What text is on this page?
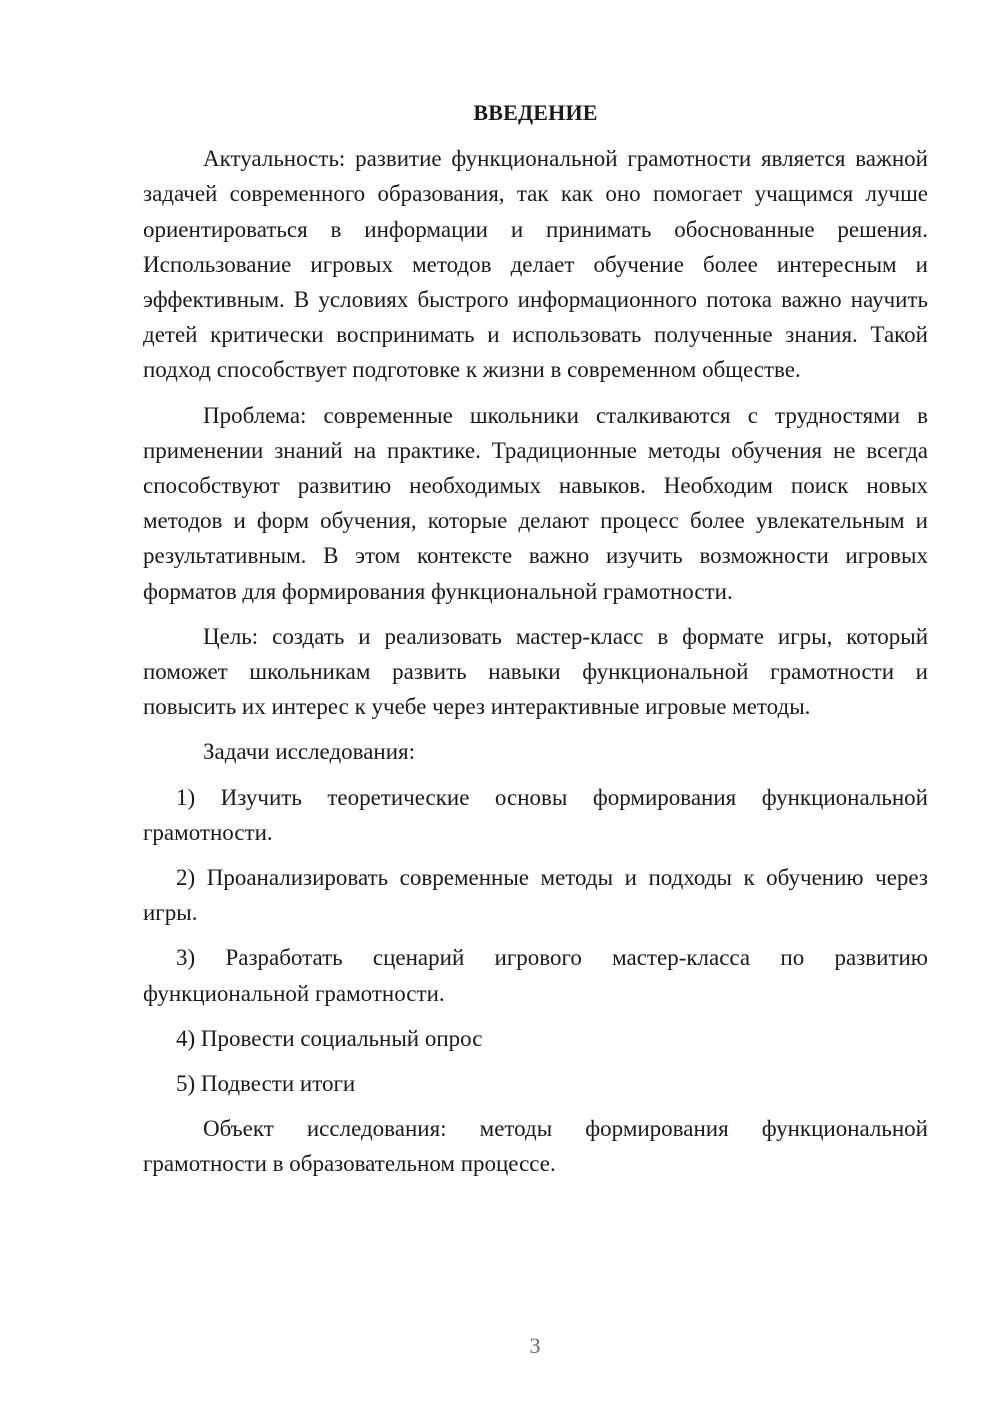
ВВЕДЕНИЕ

Актуальность: развитие функциональной грамотности является важной задачей современного образования, так как оно помогает учащимся лучше ориентироваться в информации и принимать обоснованные решения. Использование игровых методов делает обучение более интересным и эффективным. В условиях быстрого информационного потока важно научить детей критически воспринимать и использовать полученные знания. Такой подход способствует подготовке к жизни в современном обществе.

Проблема: современные школьники сталкиваются с трудностями в применении знаний на практике. Традиционные методы обучения не всегда способствуют развитию необходимых навыков. Необходим поиск новых методов и форм обучения, которые делают процесс более увлекательным и результативным. В этом контексте важно изучить возможности игровых форматов для формирования функциональной грамотности.

Цель: создать и реализовать мастер-класс в формате игры, который поможет школьникам развить навыки функциональной грамотности и повысить их интерес к учебе через интерактивные игровые методы.

Задачи исследования:

1) Изучить теоретические основы формирования функциональной грамотности.

2) Проанализировать современные методы и подходы к обучению через игры.

3) Разработать сценарий игрового мастер-класса по развитию функциональной грамотности.

4) Провести социальный опрос

5) Подвести итоги

Объект исследования: методы формирования функциональной грамотности в образовательном процессе.

3
